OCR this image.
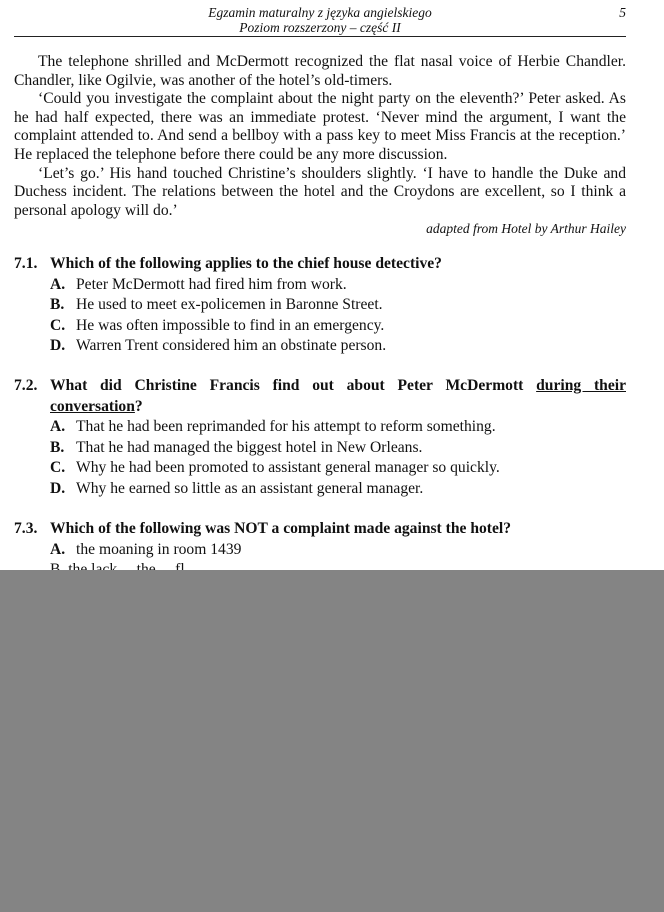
Egzamin maturalny z języka angielskiego
Poziom rozszerzony – część II
5

The telephone shrilled and McDermott recognized the flat nasal voice of Herbie Chandler. Chandler, like Ogilvie, was another of the hotel’s old-timers.

‘Could you investigate the complaint about the night party on the eleventh?’ Peter asked. As he had half expected, there was an immediate protest. ‘Never mind the argument, I want the complaint attended to. And send a bellboy with a pass key to meet Miss Francis at the reception.’ He replaced the telephone before there could be any more discussion.

‘Let’s go.’ His hand touched Christine’s shoulders slightly. ‘I have to handle the Duke and Duchess incident. The relations between the hotel and the Croydons are excellent, so I think a personal apology will do.’

adapted from Hotel by Arthur Hailey
7.1. Which of the following applies to the chief house detective?
A. Peter McDermott had fired him from work.
B. He used to meet ex-policemen in Baronne Street.
C. He was often impossible to find in an emergency.
D. Warren Trent considered him an obstinate person.
7.2. What did Christine Francis find out about Peter McDermott during their conversation?
A. That he had been reprimanded for his attempt to reform something.
B. That he had managed the biggest hotel in New Orleans.
C. Why he had been promoted to assistant general manager so quickly.
D. Why he earned so little as an assistant general manager.
7.3. Which of the following was NOT a complaint made against the hotel?
A. the moaning in room 1439
